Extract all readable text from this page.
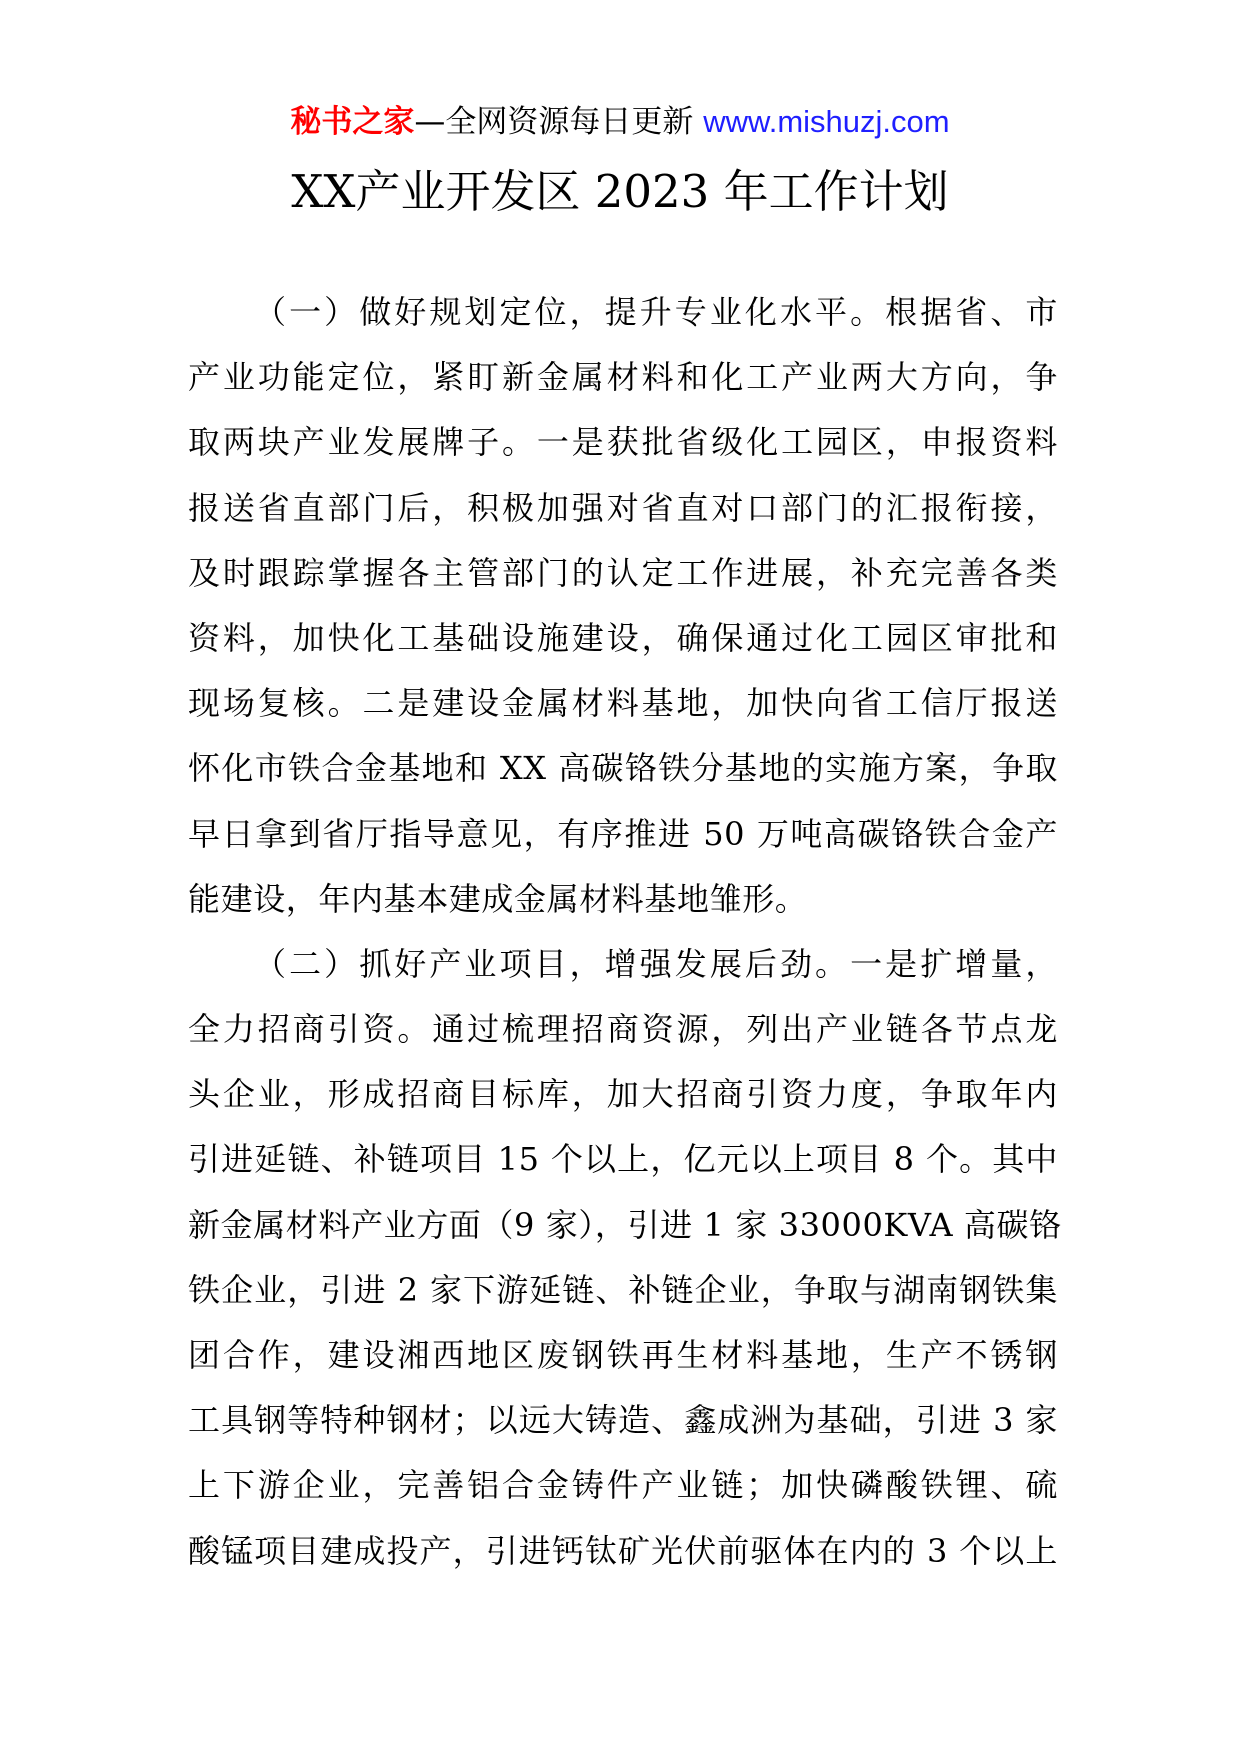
秘书之家—全网资源每日更新 www.mishuzj.com
XX产业开发区 2023 年工作计划
（一）做好规划定位，提升专业化水平。根据省、市
产业功能定位，紧盯新金属材料和化工产业两大方向，争
取两块产业发展牌子。一是获批省级化工园区，申报资料
报送省直部门后，积极加强对省直对口部门的汇报衔接，
及时跟踪掌握各主管部门的认定工作进展，补充完善各类
资料，加快化工基础设施建设，确保通过化工园区审批和
现场复核。二是建设金属材料基地，加快向省工信厅报送
怀化市铁合金基地和 XX 高碳铬铁分基地的实施方案，争取
早日拿到省厅指导意见，有序推进 50 万吨高碳铬铁合金产
能建设，年内基本建成金属材料基地雏形。
（二）抓好产业项目，增强发展后劲。一是扩增量，
全力招商引资。通过梳理招商资源，列出产业链各节点龙
头企业，形成招商目标库，加大招商引资力度，争取年内
引进延链、补链项目 15 个以上，亿元以上项目 8 个。其中
新金属材料产业方面（9 家），引进 1 家 33000KVA 高碳铬
铁企业，引进 2 家下游延链、补链企业，争取与湖南钢铁集
团合作，建设湘西地区废钢铁再生材料基地，生产不锈钢
工具钢等特种钢材；以远大铸造、鑫成洲为基础，引进 3 家
上下游企业，完善铝合金铸件产业链；加快磷酸铁锂、硫
酸锰项目建成投产，引进钙钛矿光伏前驱体在内的 3 个以上
